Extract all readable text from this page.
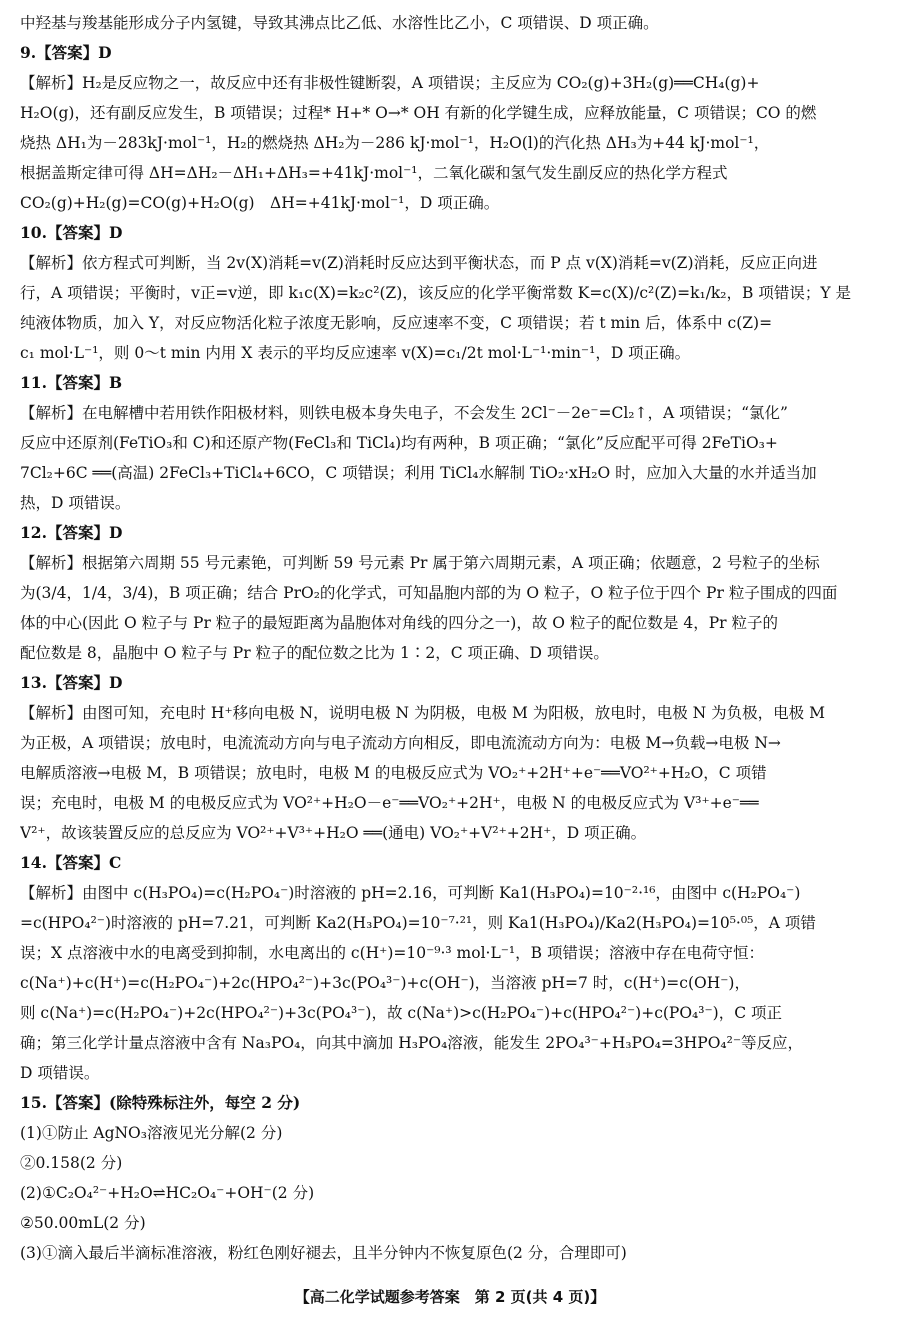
中羟基与羧基能形成分子内氢键，导致其沸点比乙低、水溶性比乙小，C 项错误、D 项正确。
9.【答案】D
【解析】H₂是反应物之一，故反应中还有非极性键断裂，A 项错误；主反应为 CO₂(g)+3H₂(g)══CH₄(g)+
H₂O(g)，还有副反应发生，B 项错误；过程* H+* O→* OH 有新的化学键生成，应释放能量，C 项错误；CO 的燃
烧热 ΔH₁为－283kJ·mol⁻¹，H₂的燃烧热 ΔH₂为－286 kJ·mol⁻¹，H₂O(l)的汽化热 ΔH₃为+44 kJ·mol⁻¹，
根据盖斯定律可得 ΔH=ΔH₂－ΔH₁+ΔH₃=+41kJ·mol⁻¹，二氧化碳和氢气发生副反应的热化学方程式
CO₂(g)+H₂(g)=CO(g)+H₂O(g)　ΔH=+41kJ·mol⁻¹，D 项正确。
10.【答案】D
【解析】依方程式可判断，当 2v(X)消耗=v(Z)消耗时反应达到平衡状态，而 P 点 v(X)消耗=v(Z)消耗，反应正向进
行，A 项错误；平衡时，v正=v逆，即 k₁c(X)=k₂c²(Z)，该反应的化学平衡常数 K=c(X)/c²(Z)=k₁/k₂，B 项错误；Y 是
纯液体物质，加入 Y，对反应物活化粒子浓度无影响，反应速率不变，C 项错误；若 t min 后，体系中 c(Z)=
c₁ mol·L⁻¹，则 0～t min 内用 X 表示的平均反应速率 v(X)=c₁/2t mol·L⁻¹·min⁻¹，D 项正确。
11.【答案】B
【解析】在电解槽中若用铁作阳极材料，则铁电极本身失电子，不会发生 2Cl⁻－2e⁻=Cl₂↑，A 项错误；“氯化”
反应中还原剂(FeTiO₃和 C)和还原产物(FeCl₃和 TiCl₄)均有两种，B 项正确；“氯化”反应配平可得 2FeTiO₃+
7Cl₂+6C ══(高温) 2FeCl₃+TiCl₄+6CO，C 项错误；利用 TiCl₄水解制 TiO₂·xH₂O 时，应加入大量的水并适当加
热，D 项错误。
12.【答案】D
【解析】根据第六周期 55 号元素铯，可判断 59 号元素 Pr 属于第六周期元素，A 项正确；依题意，2 号粒子的坐标
为(3/4，1/4，3/4)，B 项正确；结合 PrO₂的化学式，可知晶胞内部的为 O 粒子，O 粒子位于四个 Pr 粒子围成的四面
体的中心(因此 O 粒子与 Pr 粒子的最短距离为晶胞体对角线的四分之一)，故 O 粒子的配位数是 4，Pr 粒子的
配位数是 8，晶胞中 O 粒子与 Pr 粒子的配位数之比为 1∶2，C 项正确、D 项错误。
13.【答案】D
【解析】由图可知，充电时 H⁺移向电极 N，说明电极 N 为阴极，电极 M 为阳极，放电时，电极 N 为负极，电极 M
为正极，A 项错误；放电时，电流流动方向与电子流动方向相反，即电流流动方向为：电极 M→负载→电极 N→
电解质溶液→电极 M，B 项错误；放电时，电极 M 的电极反应式为 VO₂⁺+2H⁺+e⁻══VO²⁺+H₂O，C 项错
误；充电时，电极 M 的电极反应式为 VO²⁺+H₂O－e⁻══VO₂⁺+2H⁺，电极 N 的电极反应式为 V³⁺+e⁻══
V²⁺，故该装置反应的总反应为 VO²⁺+V³⁺+H₂O ══(通电) VO₂⁺+V²⁺+2H⁺，D 项正确。
14.【答案】C
【解析】由图中 c(H₃PO₄)=c(H₂PO₄⁻)时溶液的 pH=2.16，可判断 Ka1(H₃PO₄)=10⁻²·¹⁶，由图中 c(H₂PO₄⁻)
=c(HPO₄²⁻)时溶液的 pH=7.21，可判断 Ka2(H₃PO₄)=10⁻⁷·²¹，则 Ka1(H₃PO₄)/Ka2(H₃PO₄)=10⁵·⁰⁵，A 项错
误；X 点溶液中水的电离受到抑制，水电离出的 c(H⁺)=10⁻⁹·³ mol·L⁻¹，B 项错误；溶液中存在电荷守恒：
c(Na⁺)+c(H⁺)=c(H₂PO₄⁻)+2c(HPO₄²⁻)+3c(PO₄³⁻)+c(OH⁻)，当溶液 pH=7 时，c(H⁺)=c(OH⁻)，
则 c(Na⁺)=c(H₂PO₄⁻)+2c(HPO₄²⁻)+3c(PO₄³⁻)，故 c(Na⁺)>c(H₂PO₄⁻)+c(HPO₄²⁻)+c(PO₄³⁻)，C 项正
确；第三化学计量点溶液中含有 Na₃PO₄，向其中滴加 H₃PO₄溶液，能发生 2PO₄³⁻+H₃PO₄=3HPO₄²⁻等反应，
D 项错误。
15.【答案】(除特殊标注外，每空 2 分)
(1)①防止 AgNO₃溶液见光分解(2 分)
②0.158(2 分)
(2)①C₂O₄²⁻+H₂O⇌HC₂O₄⁻+OH⁻(2 分)
②50.00mL(2 分)
(3)①滴入最后半滴标准溶液，粉红色刚好褪去，且半分钟内不恢复原色(2 分，合理即可)
【高二化学试题参考答案　第 2 页(共 4 页)】
